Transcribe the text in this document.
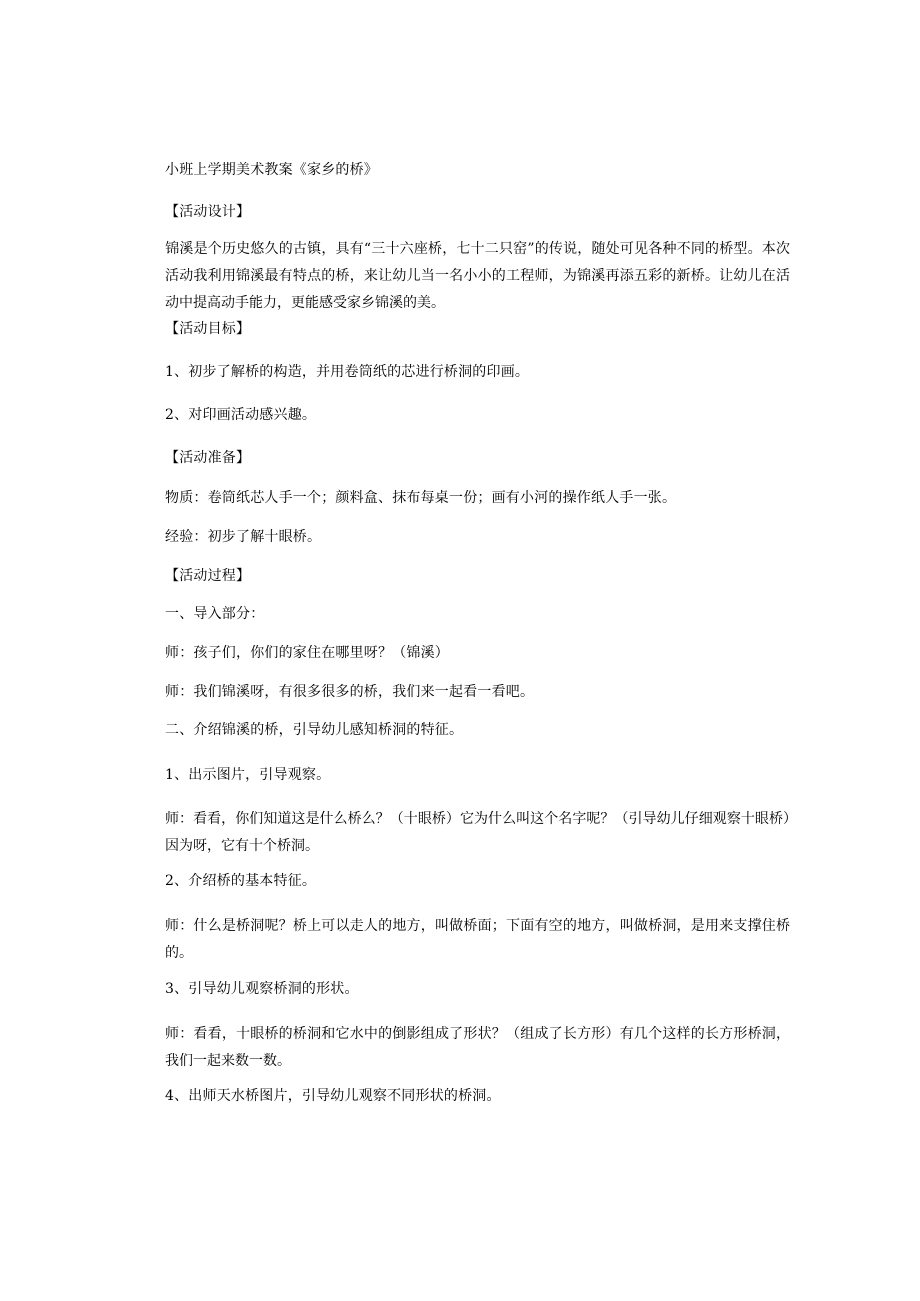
小班上学期美术教案《家乡的桥》
【活动设计】
锦溪是个历史悠久的古镇，具有“三十六座桥，七十二只窑”的传说，随处可见各种不同的桥型。本次活动我利用锦溪最有特点的桥，来让幼儿当一名小小的工程师，为锦溪再添五彩的新桥。让幼儿在活动中提高动手能力，更能感受家乡锦溪的美。
【活动目标】
1、初步了解桥的构造，并用卷筒纸的芯进行桥洞的印画。
2、对印画活动感兴趣。
【活动准备】
物质：卷筒纸芯人手一个；颜料盒、抹布每桌一份；画有小河的操作纸人手一张。
经验：初步了解十眼桥。
【活动过程】
一、导入部分：
师：孩子们，你们的家住在哪里呀？（锦溪）
师：我们锦溪呀，有很多很多的桥，我们来一起看一看吧。
二、介绍锦溪的桥，引导幼儿感知桥洞的特征。
1、出示图片，引导观察。
师：看看，你们知道这是什么桥么？（十眼桥）它为什么叫这个名字呢？（引导幼儿仔细观察十眼桥）因为呀，它有十个桥洞。
2、介绍桥的基本特征。
师：什么是桥洞呢？桥上可以走人的地方，叫做桥面；下面有空的地方，叫做桥洞，是用来支撑住桥的。
3、引导幼儿观察桥洞的形状。
师：看看，十眼桥的桥洞和它水中的倒影组成了形状？（组成了长方形）有几个这样的长方形桥洞，我们一起来数一数。
4、出师天水桥图片，引导幼儿观察不同形状的桥洞。
